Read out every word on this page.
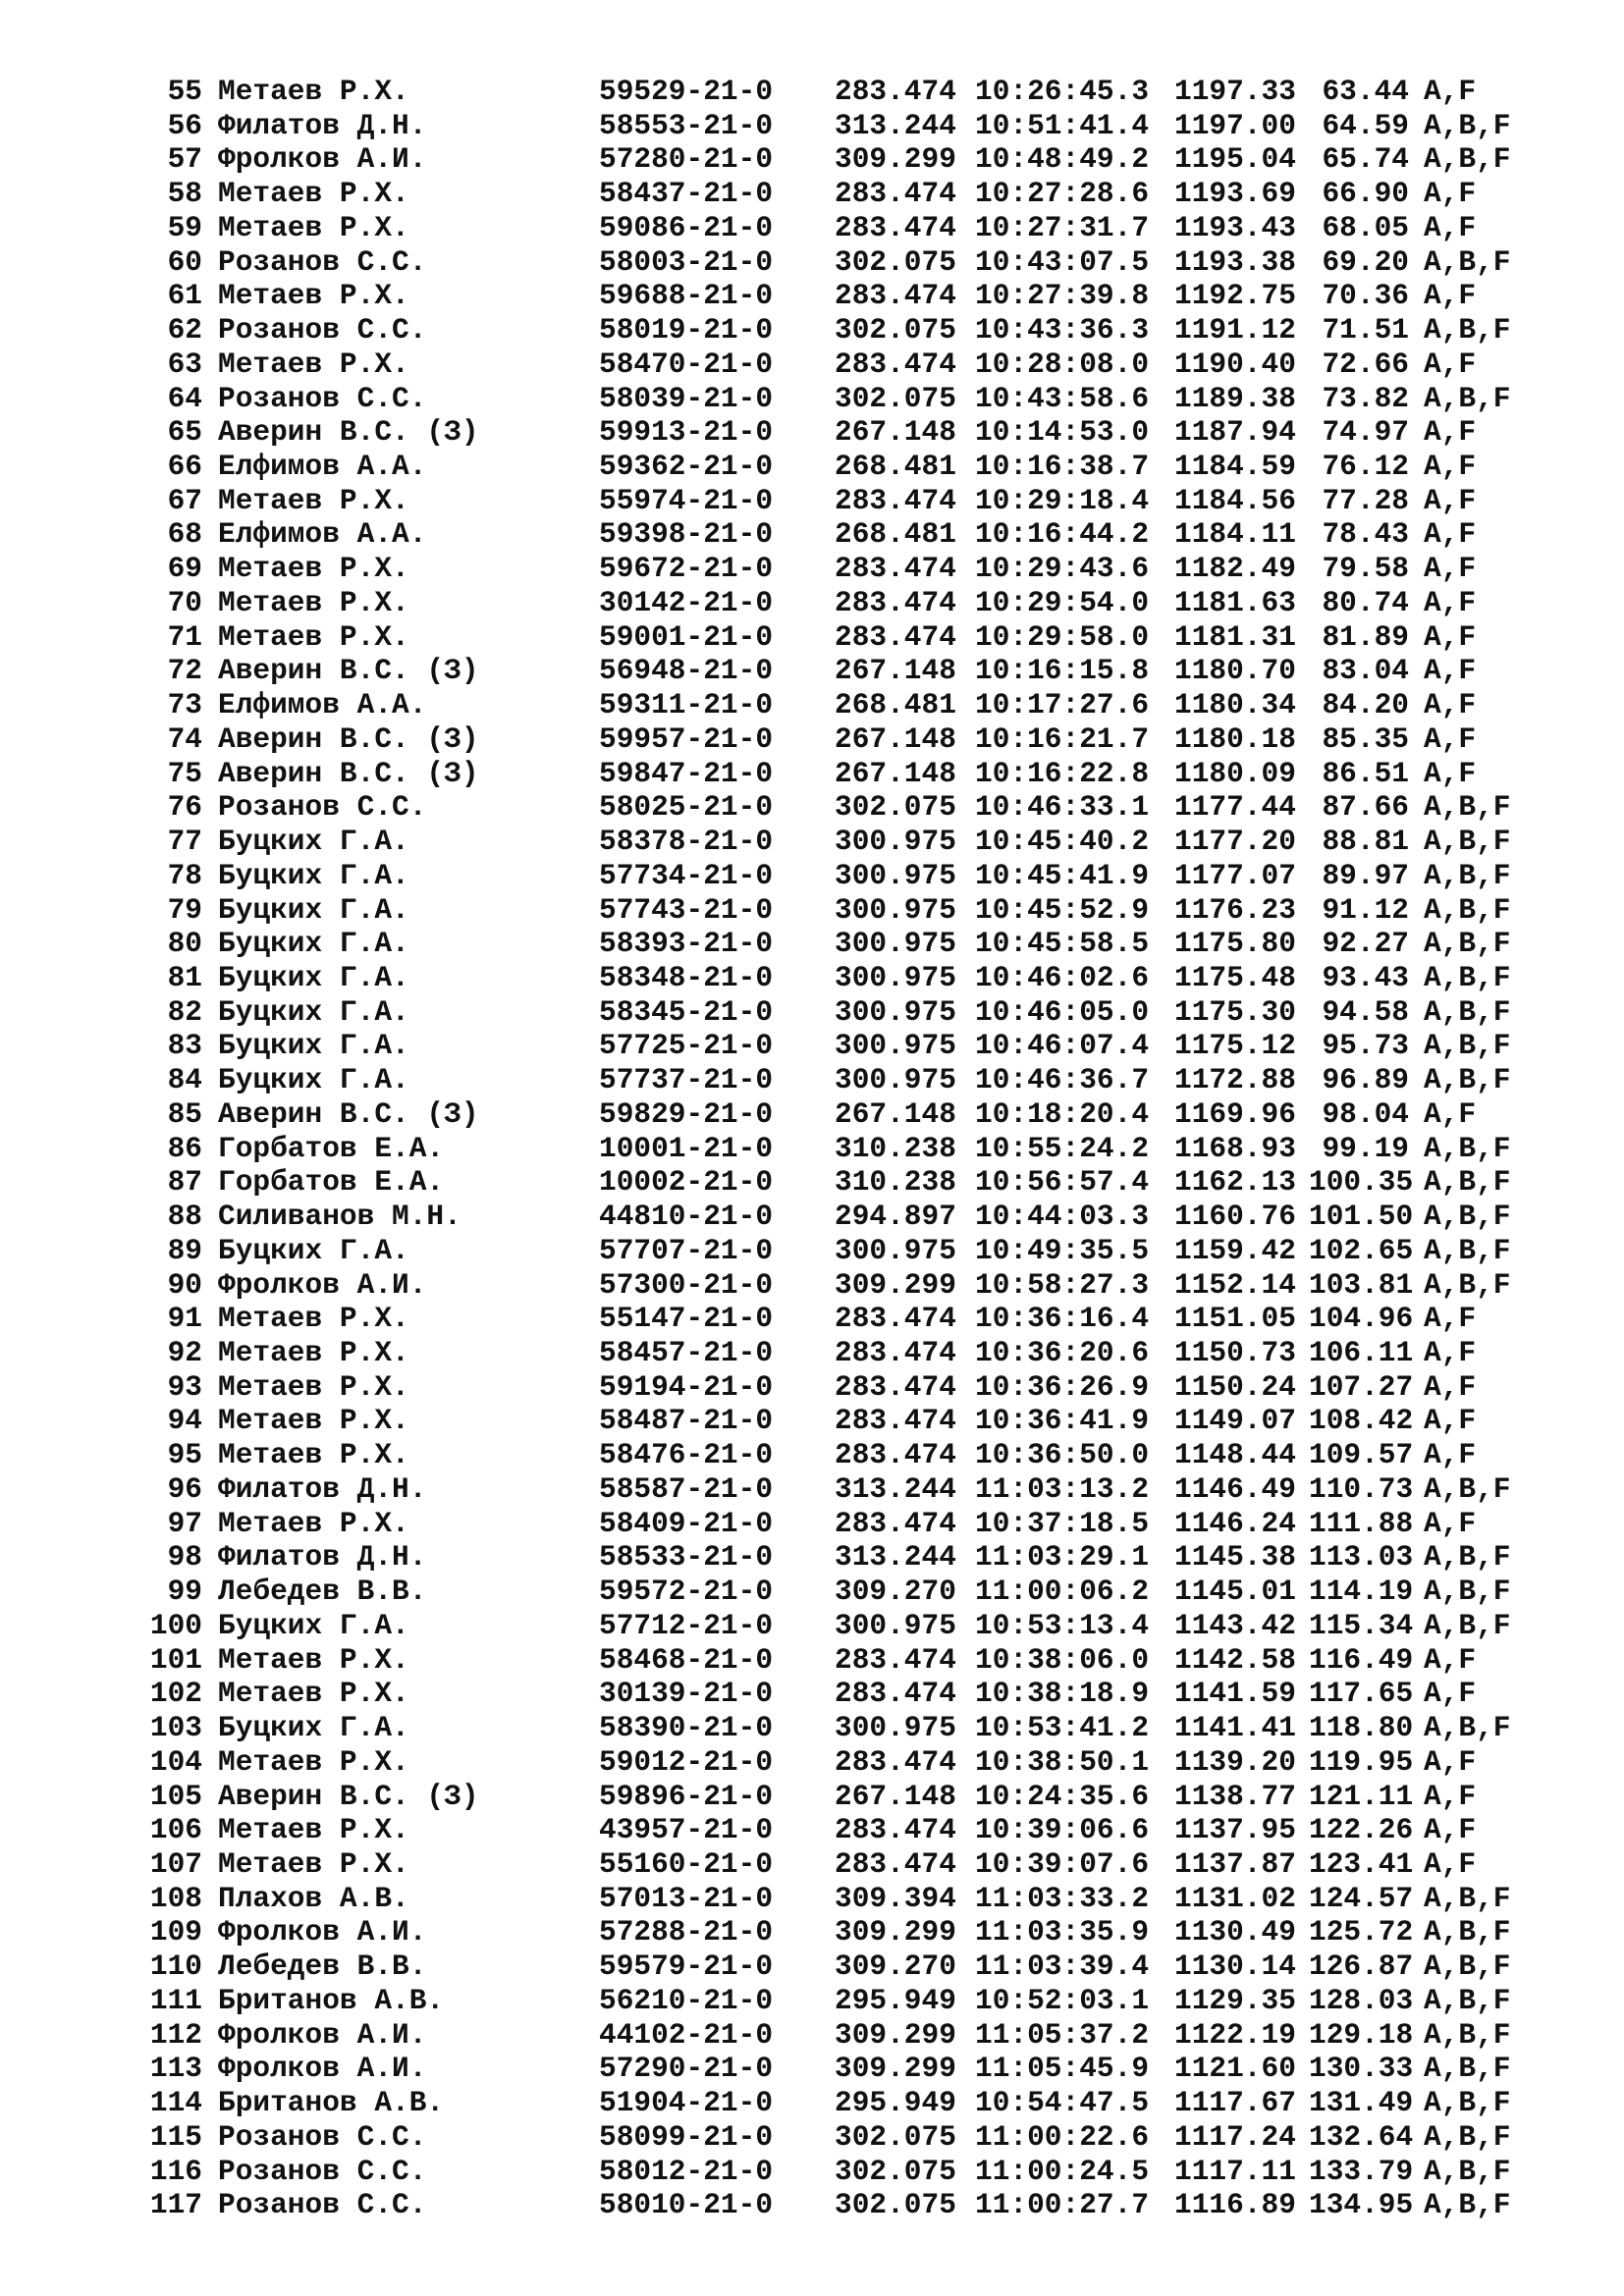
55 Метаев Р.Х.	59529-21-0 283.474 10:26:45.3 1197.33 63.44 A,F
56 Филатов Д.Н.	58553-21-0 313.244 10:51:41.4 1197.00 64.59 A,B,F
57 Фролков А.И.	57280-21-0 309.299 10:48:49.2 1195.04 65.74 A,B,F
58 Метаев Р.Х.	58437-21-0 283.474 10:27:28.6 1193.69 66.90 A,F
59 Метаев Р.Х.	59086-21-0 283.474 10:27:31.7 1193.43 68.05 A,F
60 Розанов С.С.	58003-21-0 302.075 10:43:07.5 1193.38 69.20 A,B,F
61 Метаев Р.Х.	59688-21-0 283.474 10:27:39.8 1192.75 70.36 A,F
62 Розанов С.С.	58019-21-0 302.075 10:43:36.3 1191.12 71.51 A,B,F
63 Метаев Р.Х.	58470-21-0 283.474 10:28:08.0 1190.40 72.66 A,F
64 Розанов С.С.	58039-21-0 302.075 10:43:58.6 1189.38 73.82 A,B,F
65 Аверин В.С. (З)	59913-21-0 267.148 10:14:53.0 1187.94 74.97 A,F
66 Елфимов А.А.	59362-21-0 268.481 10:16:38.7 1184.59 76.12 A,F
67 Метаев Р.Х.	55974-21-0 283.474 10:29:18.4 1184.56 77.28 A,F
68 Елфимов А.А.	59398-21-0 268.481 10:16:44.2 1184.11 78.43 A,F
69 Метаев Р.Х.	59672-21-0 283.474 10:29:43.6 1182.49 79.58 A,F
70 Метаев Р.Х.	30142-21-0 283.474 10:29:54.0 1181.63 80.74 A,F
71 Метаев Р.Х.	59001-21-0 283.474 10:29:58.0 1181.31 81.89 A,F
72 Аверин В.С. (З)	56948-21-0 267.148 10:16:15.8 1180.70 83.04 A,F
73 Елфимов А.А.	59311-21-0 268.481 10:17:27.6 1180.34 84.20 A,F
74 Аверин В.С. (З)	59957-21-0 267.148 10:16:21.7 1180.18 85.35 A,F
75 Аверин В.С. (З)	59847-21-0 267.148 10:16:22.8 1180.09 86.51 A,F
76 Розанов С.С.	58025-21-0 302.075 10:46:33.1 1177.44 87.66 A,B,F
77 Буцких Г.А.	58378-21-0 300.975 10:45:40.2 1177.20 88.81 A,B,F
78 Буцких Г.А.	57734-21-0 300.975 10:45:41.9 1177.07 89.97 A,B,F
79 Буцких Г.А.	57743-21-0 300.975 10:45:52.9 1176.23 91.12 A,B,F
80 Буцких Г.А.	58393-21-0 300.975 10:45:58.5 1175.80 92.27 A,B,F
81 Буцких Г.А.	58348-21-0 300.975 10:46:02.6 1175.48 93.43 A,B,F
82 Буцких Г.А.	58345-21-0 300.975 10:46:05.0 1175.30 94.58 A,B,F
83 Буцких Г.А.	57725-21-0 300.975 10:46:07.4 1175.12 95.73 A,B,F
84 Буцких Г.А.	57737-21-0 300.975 10:46:36.7 1172.88 96.89 A,B,F
85 Аверин В.С. (З)	59829-21-0 267.148 10:18:20.4 1169.96 98.04 A,F
86 Горбатов Е.А.	10001-21-0 310.238 10:55:24.2 1168.93 99.19 A,B,F
87 Горбатов Е.А.	10002-21-0 310.238 10:56:57.4 1162.13 100.35 A,B,F
88 Силиванов М.Н.	44810-21-0 294.897 10:44:03.3 1160.76 101.50 A,B,F
89 Буцких Г.А.	57707-21-0 300.975 10:49:35.5 1159.42 102.65 A,B,F
90 Фролков А.И.	57300-21-0 309.299 10:58:27.3 1152.14 103.81 A,B,F
91 Метаев Р.Х.	55147-21-0 283.474 10:36:16.4 1151.05 104.96 A,F
92 Метаев Р.Х.	58457-21-0 283.474 10:36:20.6 1150.73 106.11 A,F
93 Метаев Р.Х.	59194-21-0 283.474 10:36:26.9 1150.24 107.27 A,F
94 Метаев Р.Х.	58487-21-0 283.474 10:36:41.9 1149.07 108.42 A,F
95 Метаев Р.Х.	58476-21-0 283.474 10:36:50.0 1148.44 109.57 A,F
96 Филатов Д.Н.	58587-21-0 313.244 11:03:13.2 1146.49 110.73 A,B,F
97 Метаев Р.Х.	58409-21-0 283.474 10:37:18.5 1146.24 111.88 A,F
98 Филатов Д.Н.	58533-21-0 313.244 11:03:29.1 1145.38 113.03 A,B,F
99 Лебедев В.В.	59572-21-0 309.270 11:00:06.2 1145.01 114.19 A,B,F
100 Буцких Г.А.	57712-21-0 300.975 10:53:13.4 1143.42 115.34 A,B,F
101 Метаев Р.Х.	58468-21-0 283.474 10:38:06.0 1142.58 116.49 A,F
102 Метаев Р.Х.	30139-21-0 283.474 10:38:18.9 1141.59 117.65 A,F
103 Буцких Г.А.	58390-21-0 300.975 10:53:41.2 1141.41 118.80 A,B,F
104 Метаев Р.Х.	59012-21-0 283.474 10:38:50.1 1139.20 119.95 A,F
105 Аверин В.С. (З)	59896-21-0 267.148 10:24:35.6 1138.77 121.11 A,F
106 Метаев Р.Х.	43957-21-0 283.474 10:39:06.6 1137.95 122.26 A,F
107 Метаев Р.Х.	55160-21-0 283.474 10:39:07.6 1137.87 123.41 A,F
108 Плахов А.В.	57013-21-0 309.394 11:03:33.2 1131.02 124.57 A,B,F
109 Фролков А.И.	57288-21-0 309.299 11:03:35.9 1130.49 125.72 A,B,F
110 Лебедев В.В.	59579-21-0 309.270 11:03:39.4 1130.14 126.87 A,B,F
111 Британов А.В.	56210-21-0 295.949 10:52:03.1 1129.35 128.03 A,B,F
112 Фролков А.И.	44102-21-0 309.299 11:05:37.2 1122.19 129.18 A,B,F
113 Фролков А.И.	57290-21-0 309.299 11:05:45.9 1121.60 130.33 A,B,F
114 Британов А.В.	51904-21-0 295.949 10:54:47.5 1117.67 131.49 A,B,F
115 Розанов С.С.	58099-21-0 302.075 11:00:22.6 1117.24 132.64 A,B,F
116 Розанов С.С.	58012-21-0 302.075 11:00:24.5 1117.11 133.79 A,B,F
117 Розанов С.С.	58010-21-0 302.075 11:00:27.7 1116.89 134.95 A,B,F
